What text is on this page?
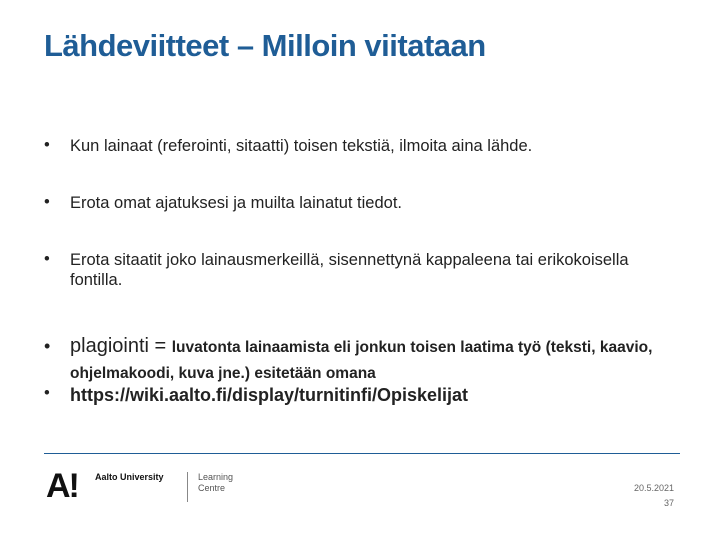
Lähdeviitteet – Milloin viitataan
• Kun lainaat (referointi, sitaatti) toisen tekstiä, ilmoita aina lähde.
• Erota omat ajatuksesi ja muilta lainatut tiedot.
• Erota sitaatit joko lainausmerkeillä, sisennettynä kappaleena tai erikokoisella fontilla.
• plagiointi = luvatonta lainaamista eli jonkun toisen laatima työ (teksti, kaavio, ohjelmakoodi, kuva jne.) esitetään omana
• https://wiki.aalto.fi/display/turnitinfi/Opiskelijat
A! Aalto University	Learning
Centre	20.5.2021
37
